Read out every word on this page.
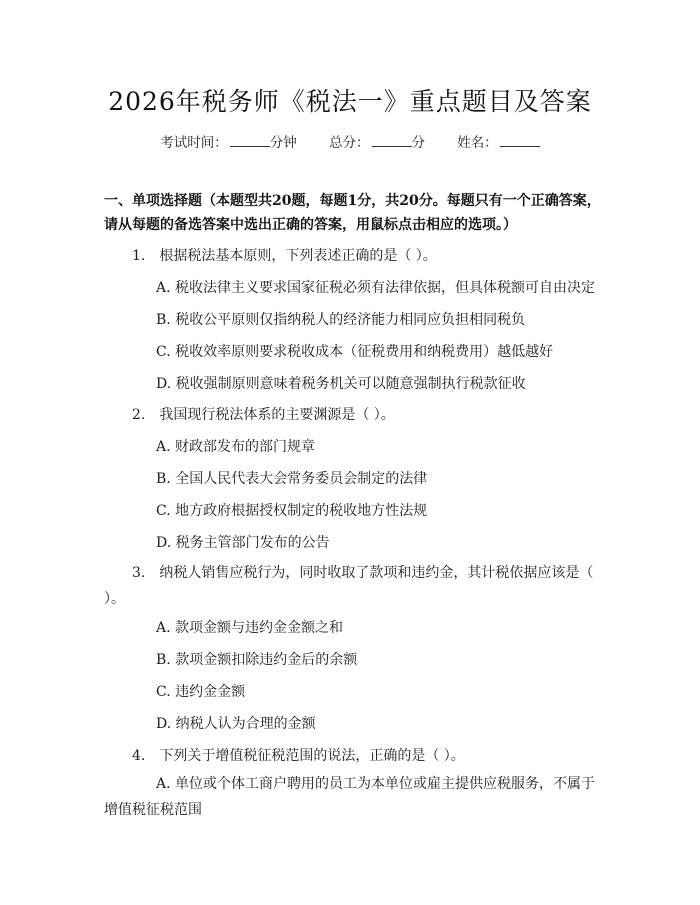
2026年税务师《税法一》重点题目及答案
考试时间：	分钟 总分：	分 姓名：
一、单项选择题（本题型共20题，每题1分，共20分。每题只有一个正确答案，请从每题的备选答案中选出正确的答案，用鼠标点击相应的选项。）
1.　根据税法基本原则，下列表述正确的是（ ）。
A. 税收法律主义要求国家征税必须有法律依据，但具体税额可自由决定
B. 税收公平原则仅指纳税人的经济能力相同应负担相同税负
C. 税收效率原则要求税收成本（征税费用和纳税费用）越低越好
D. 税收强制原则意味着税务机关可以随意强制执行税款征收
2.　我国现行税法体系的主要渊源是（ ）。
A. 财政部发布的部门规章
B. 全国人民代表大会常务委员会制定的法律
C. 地方政府根据授权制定的税收地方性法规
D. 税务主管部门发布的公告
3.　纳税人销售应税行为，同时收取了款项和违约金，其计税依据应该是（ ）。
A. 款项金额与违约金金额之和
B. 款项金额扣除违约金后的余额
C. 违约金金额
D. 纳税人认为合理的金额
4.　下列关于增值税征税范围的说法，正确的是（ ）。
A. 单位或个体工商户聘用的员工为本单位或雇主提供应税服务，不属于增值税征税范围
